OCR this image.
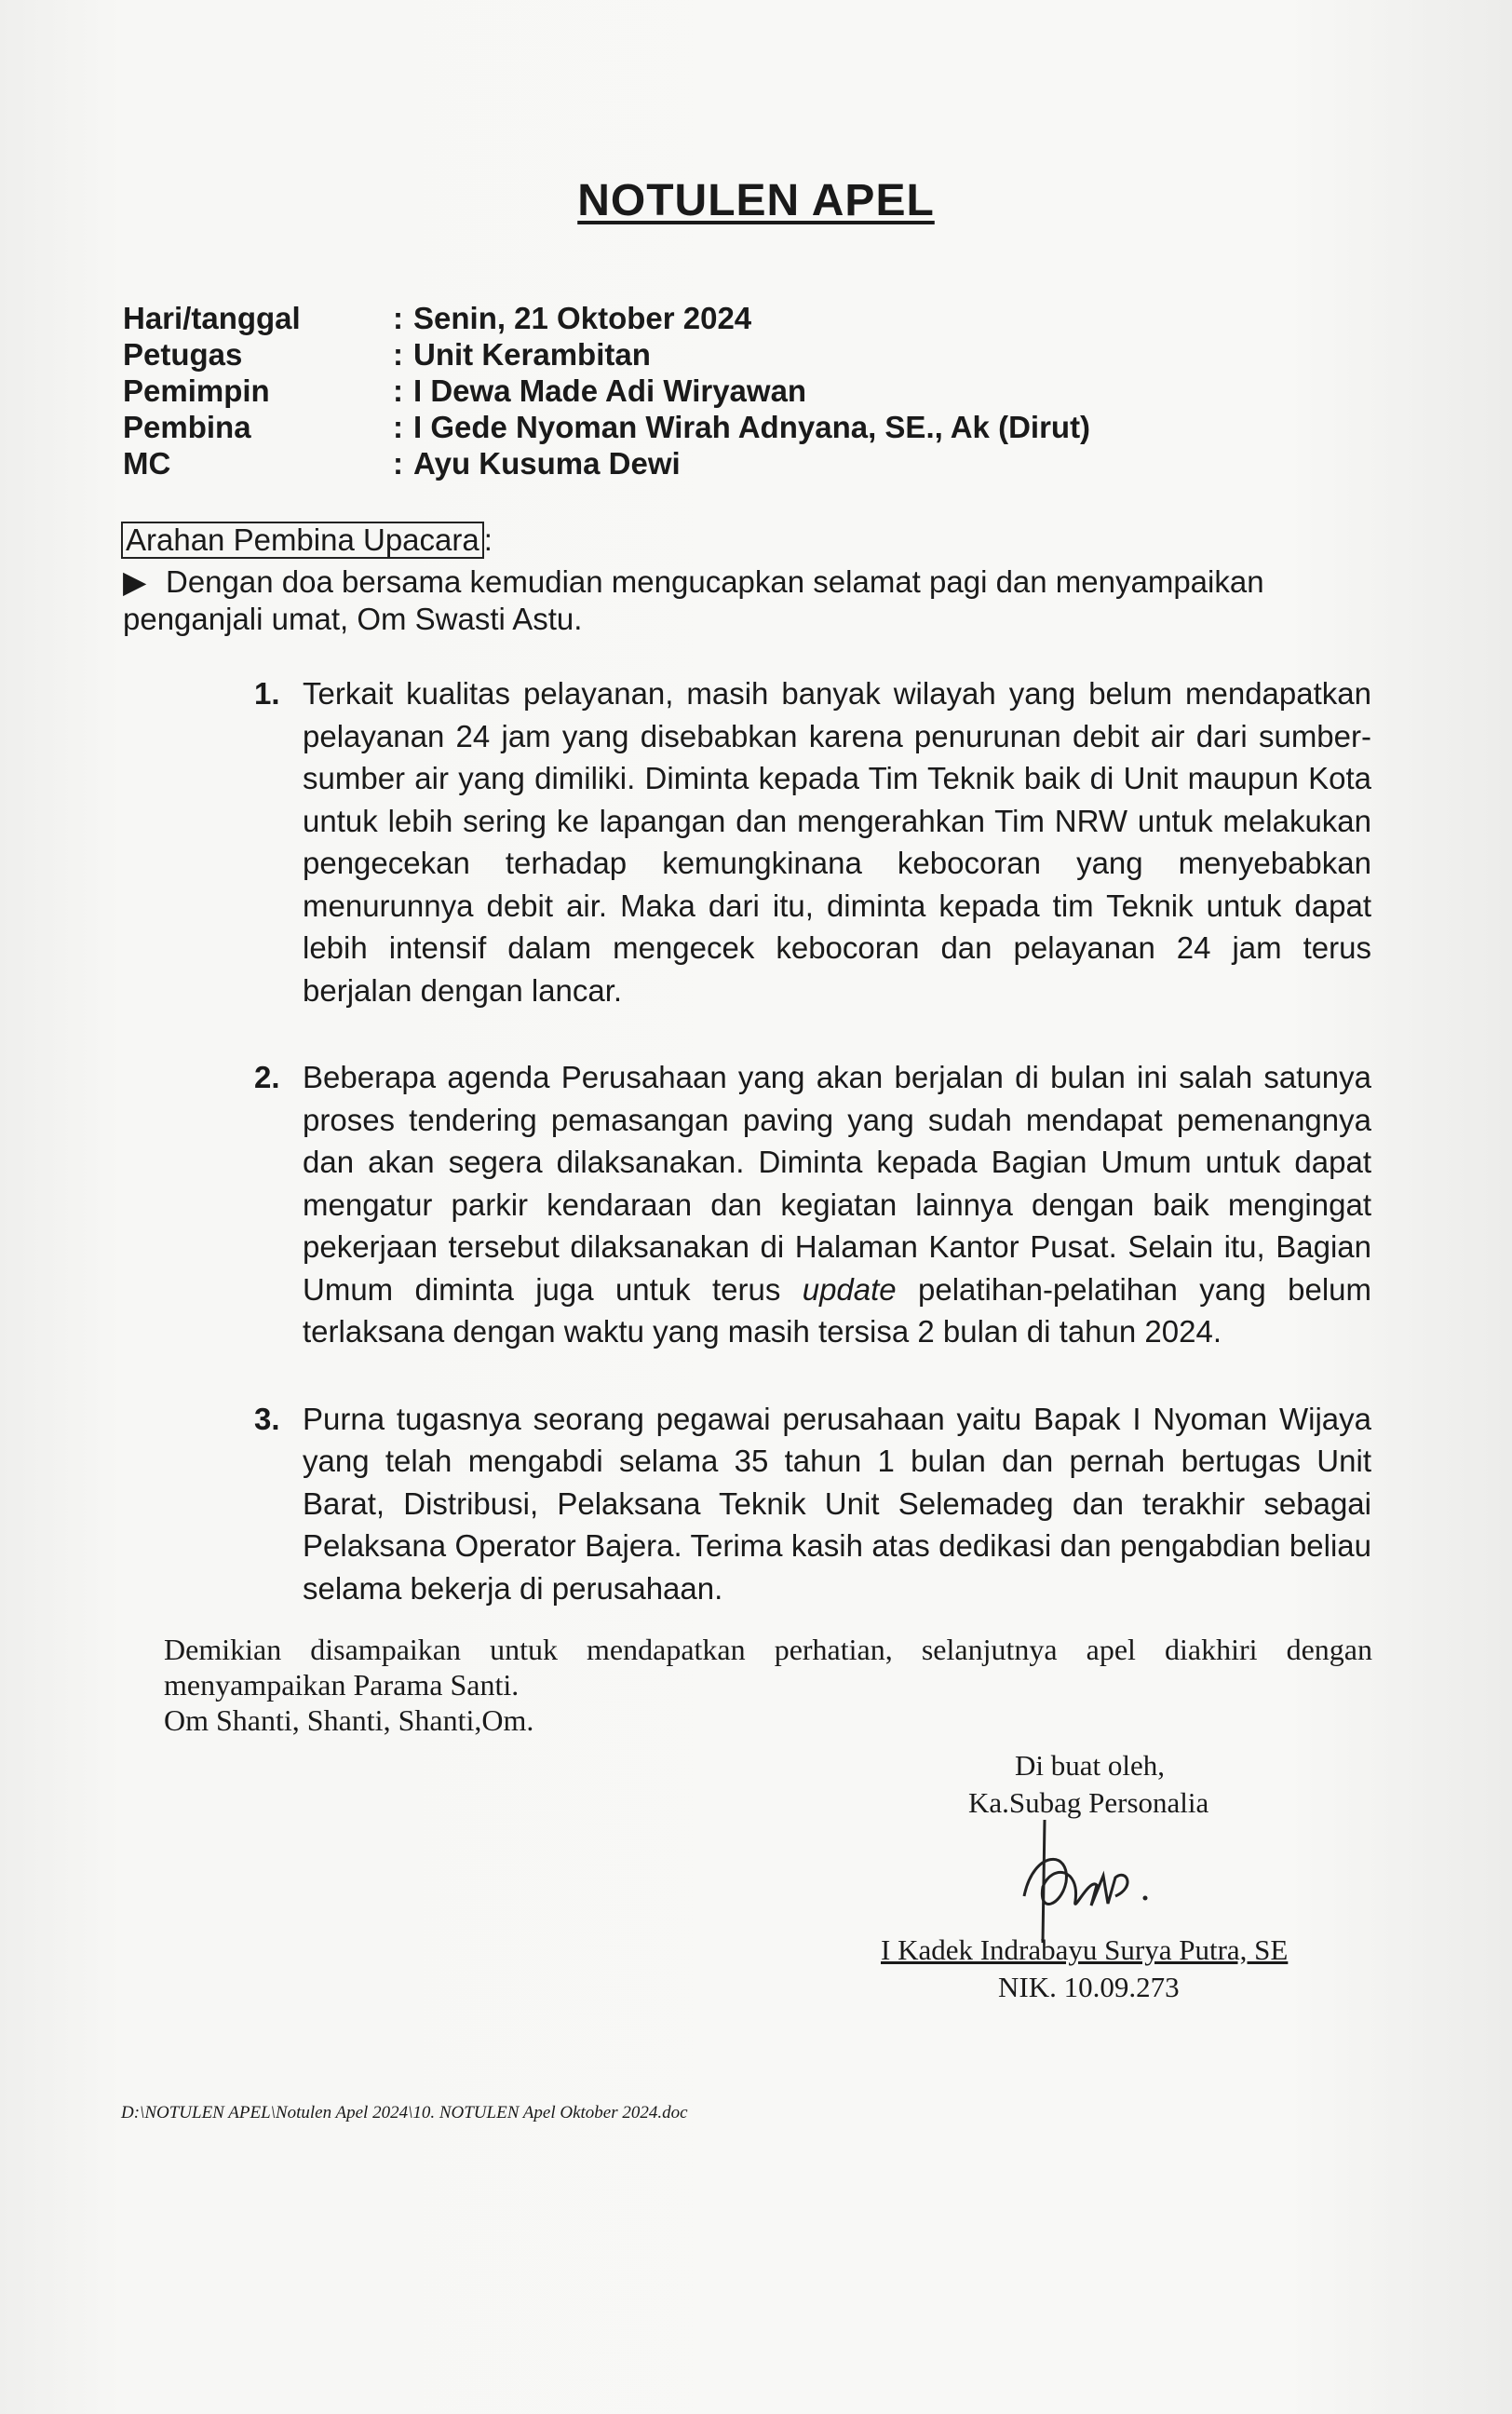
NOTULEN APEL
Hari/tanggal	: Senin, 21 Oktober 2024
Petugas	: Unit Kerambitan
Pemimpin	: I Dewa Made Adi Wiryawan
Pembina	: I Gede Nyoman Wirah Adnyana, SE., Ak (Dirut)
MC	: Ayu Kusuma Dewi
Arahan Pembina Upacara :
▶ Dengan doa bersama kemudian mengucapkan selamat pagi dan menyampaikan penganjali umat, Om Swasti Astu.
1. Terkait kualitas pelayanan, masih banyak wilayah yang belum mendapatkan pelayanan 24 jam yang disebabkan karena penurunan debit air dari sumber-sumber air yang dimiliki. Diminta kepada Tim Teknik baik di Unit maupun Kota untuk lebih sering ke lapangan dan mengerahkan Tim NRW untuk melakukan pengecekan terhadap kemungkinana kebocoran yang menyebabkan menurunnya debit air. Maka dari itu, diminta kepada tim Teknik untuk dapat lebih intensif dalam mengecek kebocoran dan pelayanan 24 jam terus berjalan dengan lancar.
2. Beberapa agenda Perusahaan yang akan berjalan di bulan ini salah satunya proses tendering pemasangan paving yang sudah mendapat pemenangnya dan akan segera dilaksanakan. Diminta kepada Bagian Umum untuk dapat mengatur parkir kendaraan dan kegiatan lainnya dengan baik mengingat pekerjaan tersebut dilaksanakan di Halaman Kantor Pusat. Selain itu, Bagian Umum diminta juga untuk terus update pelatihan-pelatihan yang belum terlaksana dengan waktu yang masih tersisa 2 bulan di tahun 2024.
3. Purna tugasnya seorang pegawai perusahaan yaitu Bapak I Nyoman Wijaya yang telah mengabdi selama 35 tahun 1 bulan dan pernah bertugas Unit Barat, Distribusi, Pelaksana Teknik Unit Selemadeg dan terakhir sebagai Pelaksana Operator Bajera. Terima kasih atas dedikasi dan pengabdian beliau selama bekerja di perusahaan.
Demikian disampaikan untuk mendapatkan perhatian, selanjutnya apel diakhiri dengan menyampaikan Parama Santi.
Om Shanti, Shanti, Shanti,Om.
Di buat oleh,
Ka.Subag Personalia
I Kadek Indrabayu Surya Putra, SE
NIK. 10.09.273
D:\NOTULEN APEL\Notulen Apel 2024\10. NOTULEN Apel Oktober 2024.doc
